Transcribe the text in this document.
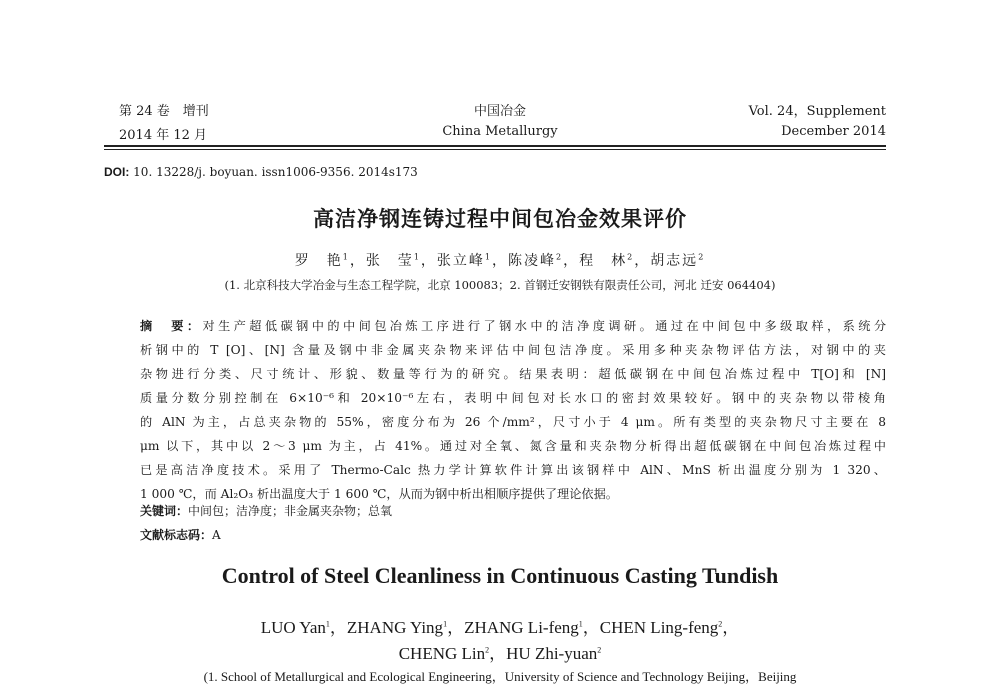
第 24 卷　增刊
2014 年 12 月
中国冶金
China Metallurgy
Vol. 24，Supplement
December 2014
DOI: 10. 13228/j. boyuan. issn1006-9356. 2014s173
高洁净钢连铸过程中间包冶金效果评价
罗　艳$^1$，张　莹$^1$，张立峰$^1$，陈凌峰$^2$，程　林$^2$，胡志远$^2$
(1. 北京科技大学冶金与生态工程学院，北京 100083；2. 首钢迁安钢铁有限责任公司，河北 迁安 064404)
摘　要：对生产超低碳钢中的中间包冶炼工序进行了钢水中的洁净度调研。通过在中间包中多级取样，系统分
析钢中的 T [O]、[N] 含量及钢中非金属夹杂物来评估中间包洁净度。采用多种夹杂物评估方法，对钢中的夹
杂物进行分类、尺寸统计、形貌、数量等行为的研究。结果表明：超低碳钢在中间包冶炼过程中 T[O]和 [N]
质量分数分别控制在 6×10⁻⁶和 20×10⁻⁶左右，表明中间包对长水口的密封效果较好。钢中的夹杂物以带棱角
的 AlN 为主，占总夹杂物的 55%，密度分布为 26 个/mm²，尺寸小于 4 μm。所有类型的夹杂物尺寸主要在 8
μm 以下，其中以 2～3 μm 为主，占 41%。通过对全氧、氮含量和夹杂物分析得出超低碳钢在中间包冶炼过程中
已是高洁净度技术。采用了 Thermo-Calc 热力学计算软件计算出该钢样中 AlN、MnS 析出温度分别为 1 320、
1 000 ℃，而 Al₂O₃ 析出温度大于 1 600 ℃，从而为钢中析出相顺序提供了理论依据。
关键词：中间包；洁净度；非金属夹杂物；总氧
文献标志码：A
Control of Steel Cleanliness in Continuous Casting Tundish
LUO Yan$^1$，ZHANG Ying$^1$，ZHANG Li-feng$^1$，CHEN Ling-feng$^2$，
CHENG Lin$^2$，HU Zhi-yuan$^2$
(1. School of Metallurgical and Ecological Engineering，University of Science and Technology Beijing，Beijing
